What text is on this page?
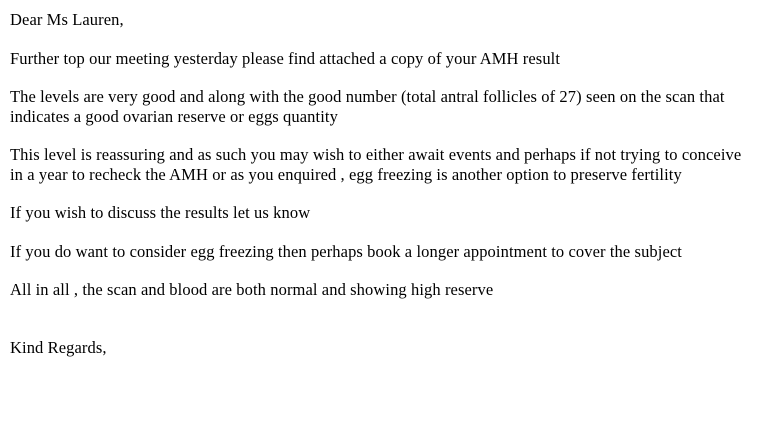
Dear Ms Lauren,

Further top our meeting yesterday please find attached a copy of your AMH result

The levels are very good and along with the good number (total antral follicles of 27) seen on the scan that indicates a good ovarian reserve or eggs quantity

This level is reassuring and as such you may wish to either await events and perhaps if not trying to conceive in a year to recheck the AMH or as you enquired , egg freezing is another option to preserve fertility

If you wish to discuss the results let us know

If you do want to consider egg freezing then perhaps book a longer appointment to cover the subject

All in all , the scan and blood are both normal and showing high reserve

Kind Regards,
